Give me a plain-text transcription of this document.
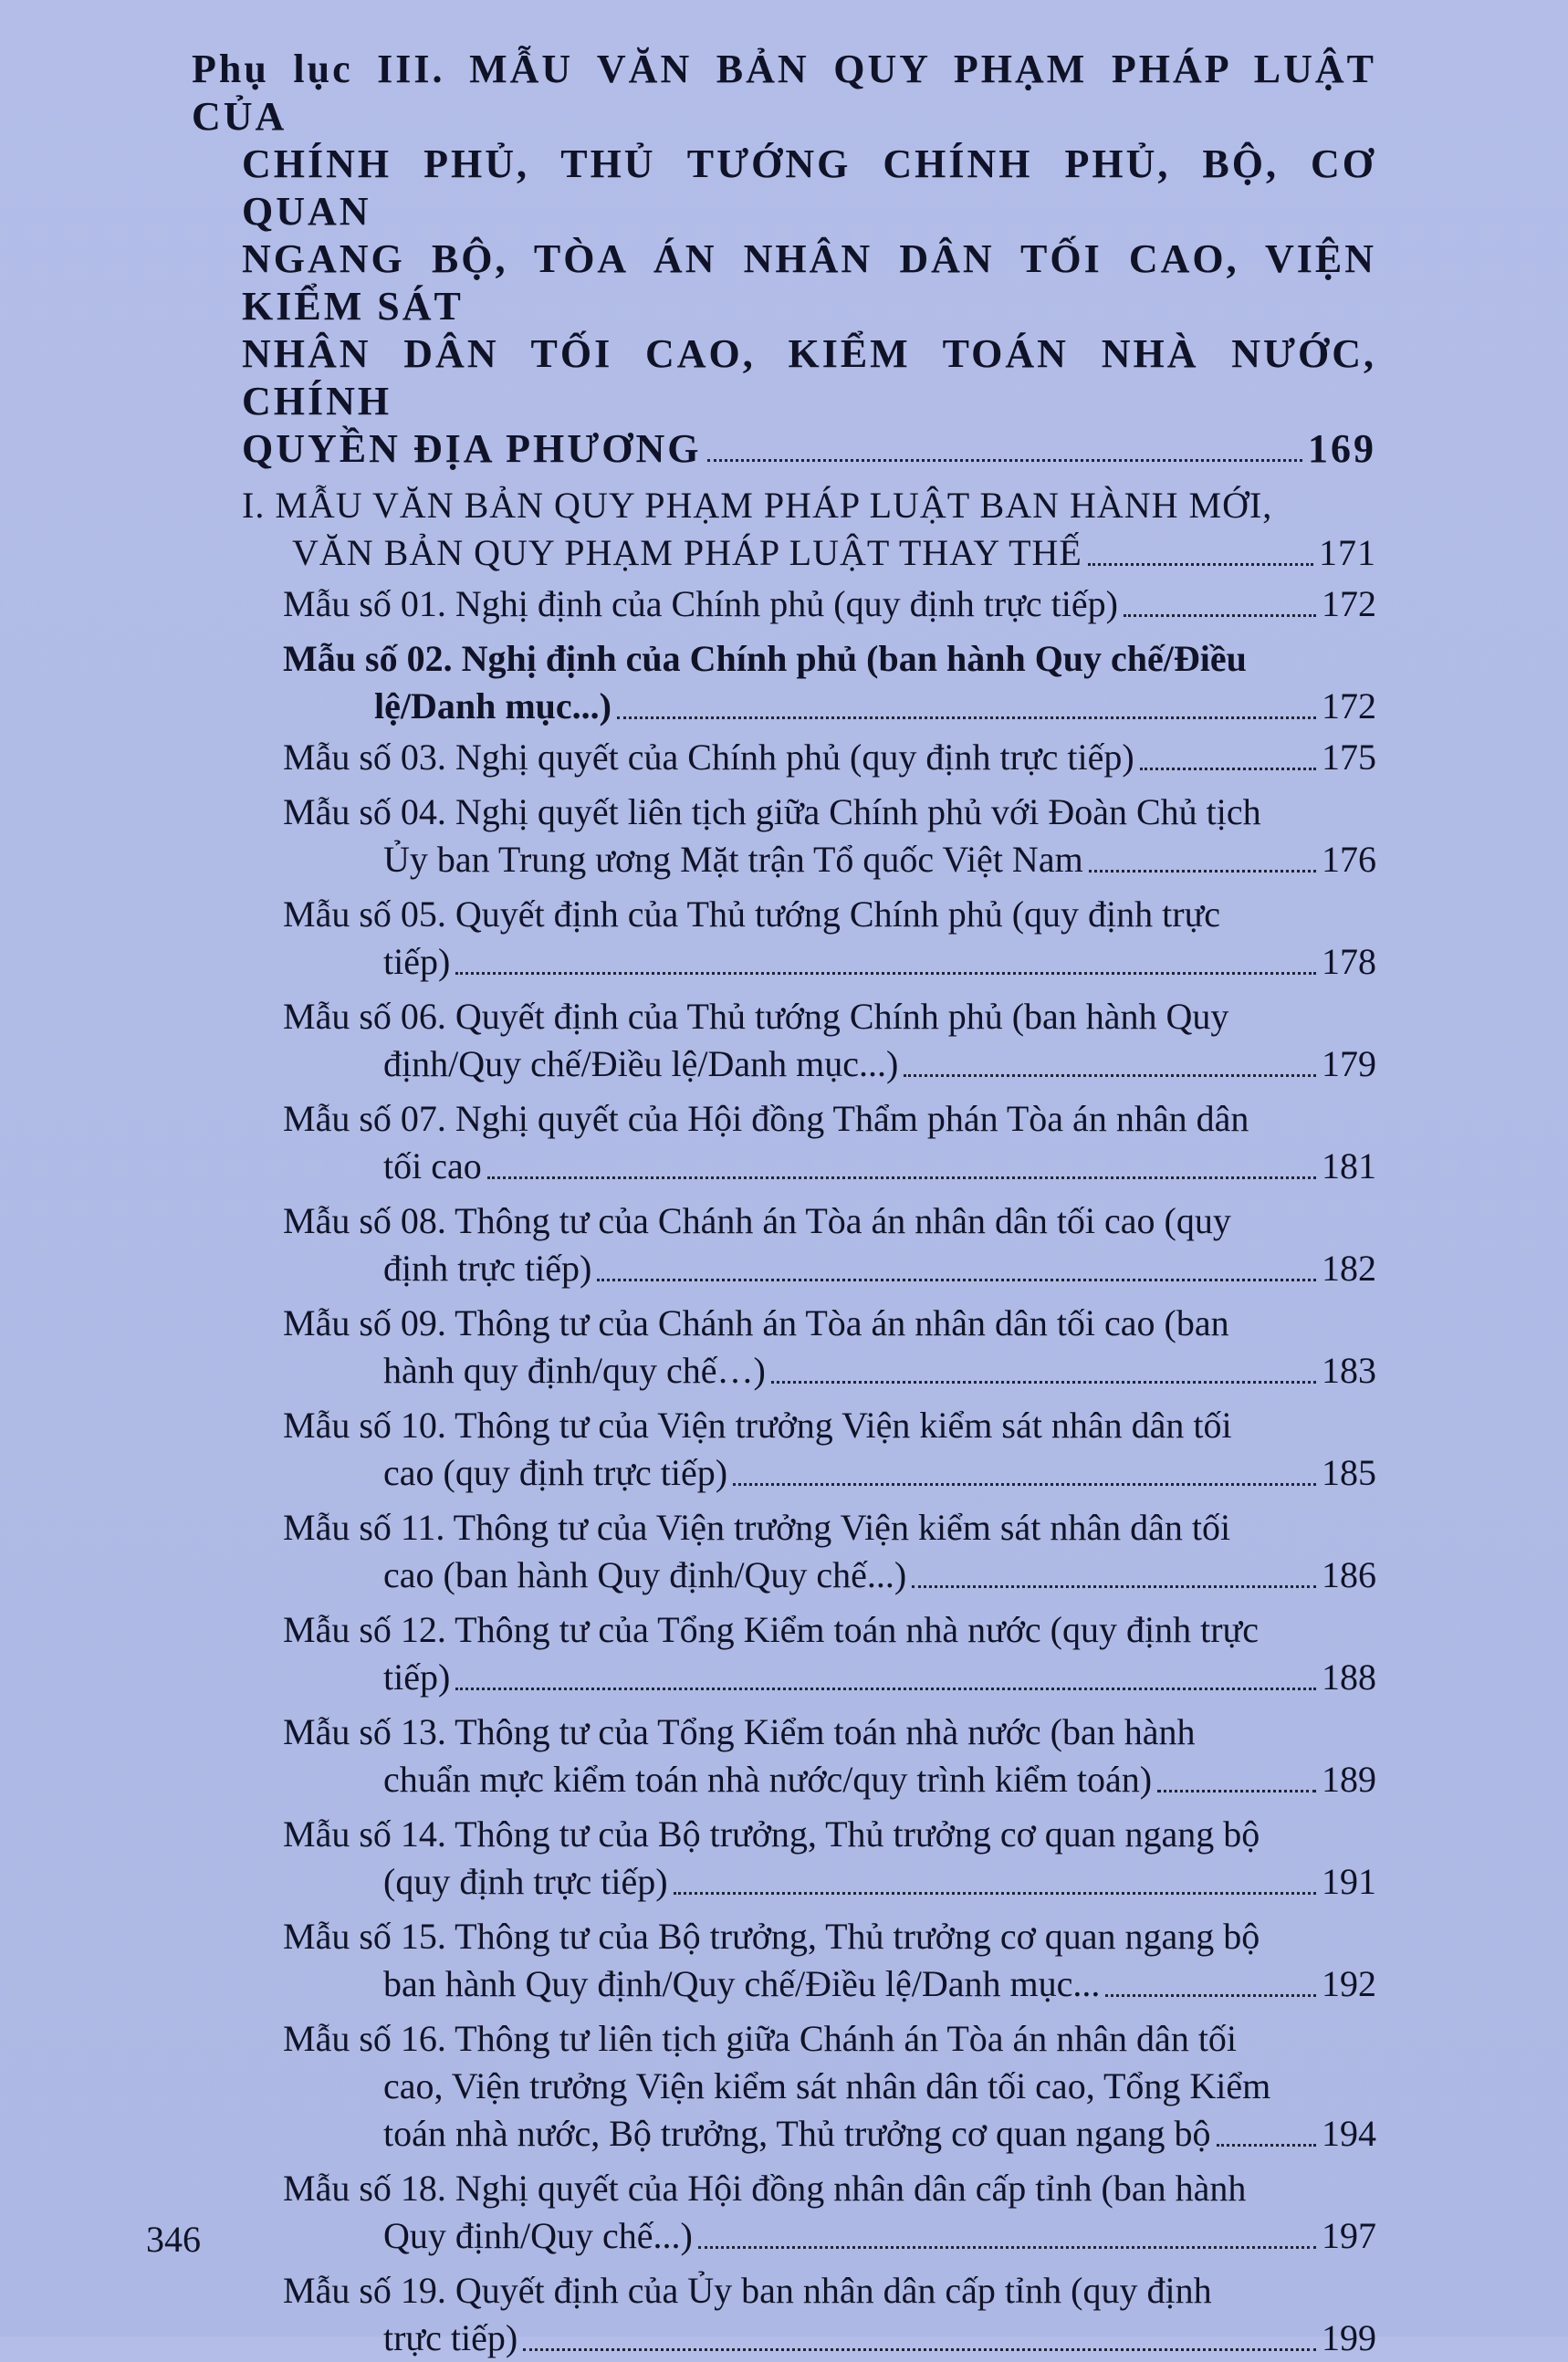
Phụ lục III. MẪU VĂN BẢN QUY PHẠM PHÁP LUẬT CỦA
CHÍNH PHỦ, THỦ TƯỚNG CHÍNH PHỦ, BỘ, CƠ QUAN
NGANG BỘ, TÒA ÁN NHÂN DÂN TỐI CAO, VIỆN KIỂM SÁT
NHÂN DÂN TỐI CAO, KIỂM TOÁN NHÀ NƯỚC, CHÍNH
QUYỀN ĐỊA PHƯƠNG	169
I. MẪU VĂN BẢN QUY PHẠM PHÁP LUẬT BAN HÀNH MỚI,
VĂN BẢN QUY PHẠM PHÁP LUẬT THAY THẾ	171
Mẫu số 01. Nghị định của Chính phủ (quy định trực tiếp)	172
Mẫu số 02. Nghị định của Chính phủ (ban hành Quy chế/Điều
lệ/Danh mục...)	172
Mẫu số 03. Nghị quyết của Chính phủ (quy định trực tiếp)	175
Mẫu số 04. Nghị quyết liên tịch giữa Chính phủ với Đoàn Chủ tịch
Ủy ban Trung ương Mặt trận Tổ quốc Việt Nam	176
Mẫu số 05. Quyết định của Thủ tướng Chính phủ (quy định trực
tiếp)	178
Mẫu số 06. Quyết định của Thủ tướng Chính phủ (ban hành Quy
định/Quy chế/Điều lệ/Danh mục...)	179
Mẫu số 07. Nghị quyết của Hội đồng Thẩm phán Tòa án nhân dân
tối cao	181
Mẫu số 08. Thông tư của Chánh án Tòa án nhân dân tối cao (quy
định trực tiếp)	182
Mẫu số 09. Thông tư của Chánh án Tòa án nhân dân tối cao (ban
hành quy định/quy chế…)	183
Mẫu số 10. Thông tư của Viện trưởng Viện kiểm sát nhân dân tối
cao (quy định trực tiếp)	185
Mẫu số 11. Thông tư của Viện trưởng Viện kiểm sát nhân dân tối
cao (ban hành Quy định/Quy chế...)	186
Mẫu số 12. Thông tư của Tổng Kiểm toán nhà nước (quy định trực
tiếp)	188
Mẫu số 13. Thông tư của Tổng Kiểm toán nhà nước (ban hành
chuẩn mực kiểm toán nhà nước/quy trình kiểm toán)	189
Mẫu số 14. Thông tư của Bộ trưởng, Thủ trưởng cơ quan ngang bộ
(quy định trực tiếp)	191
Mẫu số 15. Thông tư của Bộ trưởng, Thủ trưởng cơ quan ngang bộ
ban hành Quy định/Quy chế/Điều lệ/Danh mục...	192
Mẫu số 16. Thông tư liên tịch giữa Chánh án Tòa án nhân dân tối
cao, Viện trưởng Viện kiểm sát nhân dân tối cao, Tổng Kiểm
toán nhà nước, Bộ trưởng, Thủ trưởng cơ quan ngang bộ	194
Mẫu số 18. Nghị quyết của Hội đồng nhân dân cấp tỉnh (ban hành
Quy định/Quy chế...)	197
Mẫu số 19. Quyết định của Ủy ban nhân dân cấp tỉnh (quy định
trực tiếp)	199
346
